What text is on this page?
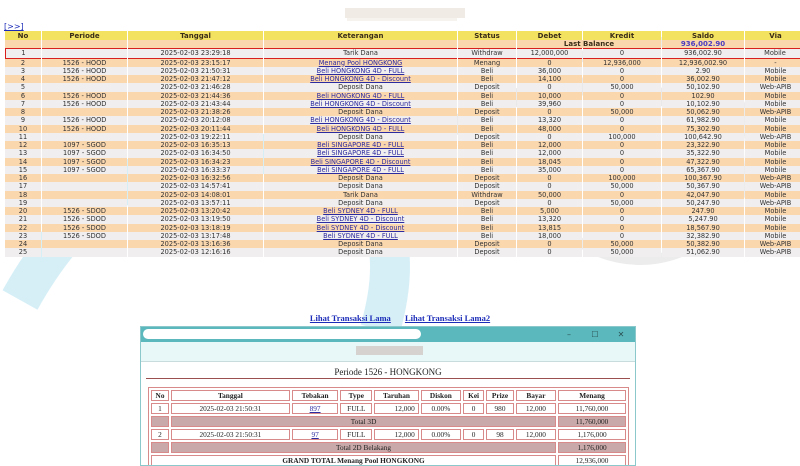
[>>]
No	Periode	Tanggal	Keterangan	Status	Debet	Kredit	Saldo	Via
					Last Balance		936,002.90	
1		2025-02-03 23:29:18	Tarik Dana	Withdraw	12,000,000	0	936,002.90	Mobile
2	1526 - HOOD	2025-02-03 23:15:17	Menang Pool HONGKONG	Menang	0	12,936,000	12,936,002.90	-
3	1526 - HOOD	2025-02-03 21:50:31	Beli HONGKONG 4D - FULL	Beli	36,000	0	2.90	Mobile
4	1526 - HOOD	2025-02-03 21:47:12	Beli HONGKONG 4D - Discount	Beli	14,100	0	36,002.90	Mobile
5		2025-02-03 21:46:28	Deposit Dana	Deposit	0	50,000	50,102.90	Web-APIB
6	1526 - HOOD	2025-02-03 21:44:36	Beli HONGKONG 4D - FULL	Beli	10,000	0	102.90	Mobile
7	1526 - HOOD	2025-02-03 21:43:44	Beli HONGKONG 4D - Discount	Beli	39,960	0	10,102.90	Mobile
8		2025-02-03 21:38:26	Deposit Dana	Deposit	0	50,000	50,062.90	Web-APIB
9	1526 - HOOD	2025-02-03 20:12:08	Beli HONGKONG 4D - Discount	Beli	13,320	0	61,982.90	Mobile
10	1526 - HOOD	2025-02-03 20:11:44	Beli HONGKONG 4D - FULL	Beli	48,000	0	75,302.90	Mobile
11		2025-02-03 19:22:11	Deposit Dana	Deposit	0	100,000	100,642.90	Web-APIB
12	1097 - SGOD	2025-02-03 16:35:13	Beli SINGAPORE 4D - FULL	Beli	12,000	0	23,322.90	Mobile
13	1097 - SGOD	2025-02-03 16:34:50	Beli SINGAPORE 4D - FULL	Beli	12,000	0	35,322.90	Mobile
14	1097 - SGOD	2025-02-03 16:34:23	Beli SINGAPORE 4D - Discount	Beli	18,045	0	47,322.90	Mobile
15	1097 - SGOD	2025-02-03 16:33:37	Beli SINGAPORE 4D - FULL	Beli	35,000	0	65,367.90	Mobile
16		2025-02-03 16:32:56	Deposit Dana	Deposit	0	100,000	100,367.90	Web-APIB
17		2025-02-03 14:57:41	Deposit Dana	Deposit	0	50,000	50,367.90	Web-APIB
18		2025-02-03 14:08:01	Tarik Dana	Withdraw	50,000	0	42,047.90	Mobile
19		2025-02-03 13:57:11	Deposit Dana	Deposit	0	50,000	50,247.90	Web-APIB
20	1526 - SDOD	2025-02-03 13:20:42	Beli SYDNEY 4D - FULL	Beli	5,000	0	247.90	Mobile
21	1526 - SDOD	2025-02-03 13:19:50	Beli SYDNEY 4D - Discount	Beli	13,320	0	5,247.90	Mobile
22	1526 - SDOD	2025-02-03 13:18:19	Beli SYDNEY 4D - Discount	Beli	13,815	0	18,567.90	Mobile
23	1526 - SDOD	2025-02-03 13:17:48	Beli SYDNEY 4D - FULL	Beli	18,000	0	32,382.90	Mobile
24		2025-02-03 13:16:36	Deposit Dana	Deposit	0	50,000	50,382.90	Web-APIB
25		2025-02-03 12:16:16	Deposit Dana	Deposit	0	50,000	51,062.90	Web-APIB
Lihat Transaksi Lama Lihat Transaksi Lama2
–	☐	✕
Periode 1526 - HONGKONG
No	Tanggal	Tebakan	Type	Taruhan	Diskon	Kei	Prize	Bayar	Menang
1	2025-02-03 21:50:31	897	FULL	12,000	0.00%	0	980	12,000	11,760,000
	Total 3D								11,760,000
2	2025-02-03 21:50:31	97	FULL	12,000	0.00%	0	98	12,000	1,176,000
	Total 2D Belakang								1,176,000
GRAND TOTAL Menang Pool HONGKONG									12,936,000
